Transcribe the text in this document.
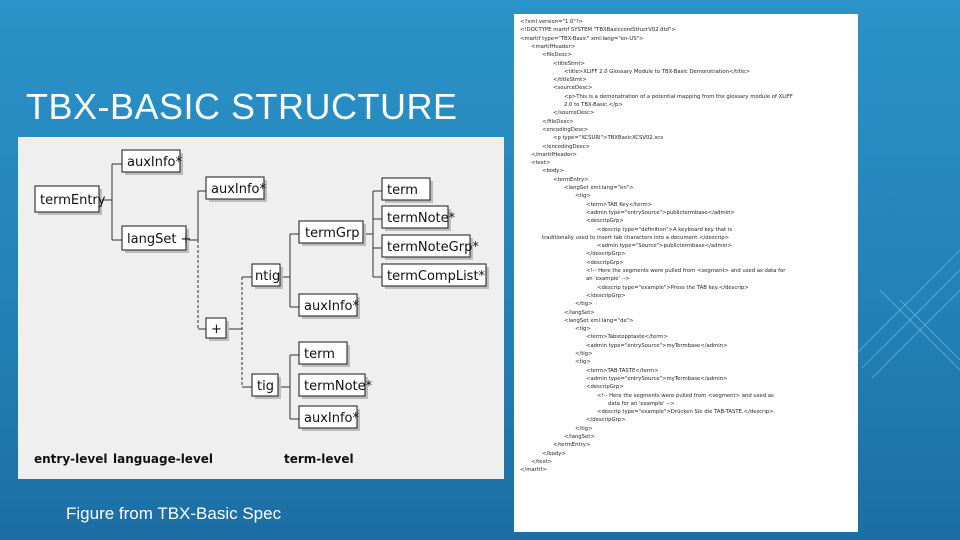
TBX-BASIC STRUCTURE
termEntry
auxInfo*
langSet +
auxInfo*
+
ntig
tig
termGrp
auxInfo*
term
termNote*
termNoteGrp*
termCompList*
term
termNote*
auxInfo*
entry-level language-level	term-level
Figure from TBX-Basic Spec
<?xml version="1.0"?>
<!DOCTYPE martif SYSTEM "TBXBasiccoreStructV02.dtd">
<martif type="TBX-Basic" xml:lang="en-US">
<martifHeader>
<fileDesc>
<titleStmt>
<title>XLIFF 2.0 Glossary Module to TBX-Basic Demonstration</title>
</titleStmt>
<sourceDesc>
<p>This is a demonstration of a potential mapping from the glossary module of XLIFF
2.0 to TBX-Basic.</p>
</sourceDesc>
</fileDesc>
<encodingDesc>
<p type="XCSURI">TBXBasicXCSV02.xcs
</encodingDesc>
</martifHeader>
<text>
<body>
<termEntry>
<langSet xml:lang="en">
<tig>
<term>TAB Key</term>
<admin type="entrySource">publictermbase</admin>
<descripGrp>
<descrip type="definition">A keyboard key that is
traditionally used to insert tab characters into a document.</descrip>
<admin type="Source">publictermbase</admin>
</descripGrp>
<descripGrp>
<!-- Here the segments were pulled from <segment> and used as data for
an 'example' -->
<descrip type="example">Press the TAB key.</descrip>
</descripGrp>
</tig>
</langSet>
<langSet xml:lang="de">
<tig>
<term>Tabstopptaste</term>
<admin type="entrySource">myTermbase</admin>
</tig>
<tig>
<term>TAB-TASTE</term>
<admin type="entrySource">myTermbase</admin>
<descripGrp>
<!-- Here the segments were pulled from <segment> and used as
data for an 'example' -->
<descrip type="example">Drücken Sie die TAB-TASTE.</descrip>
</descripGrp>
</tig>
</langSet>
</termEntry>
</body>
</text>
</martif>
